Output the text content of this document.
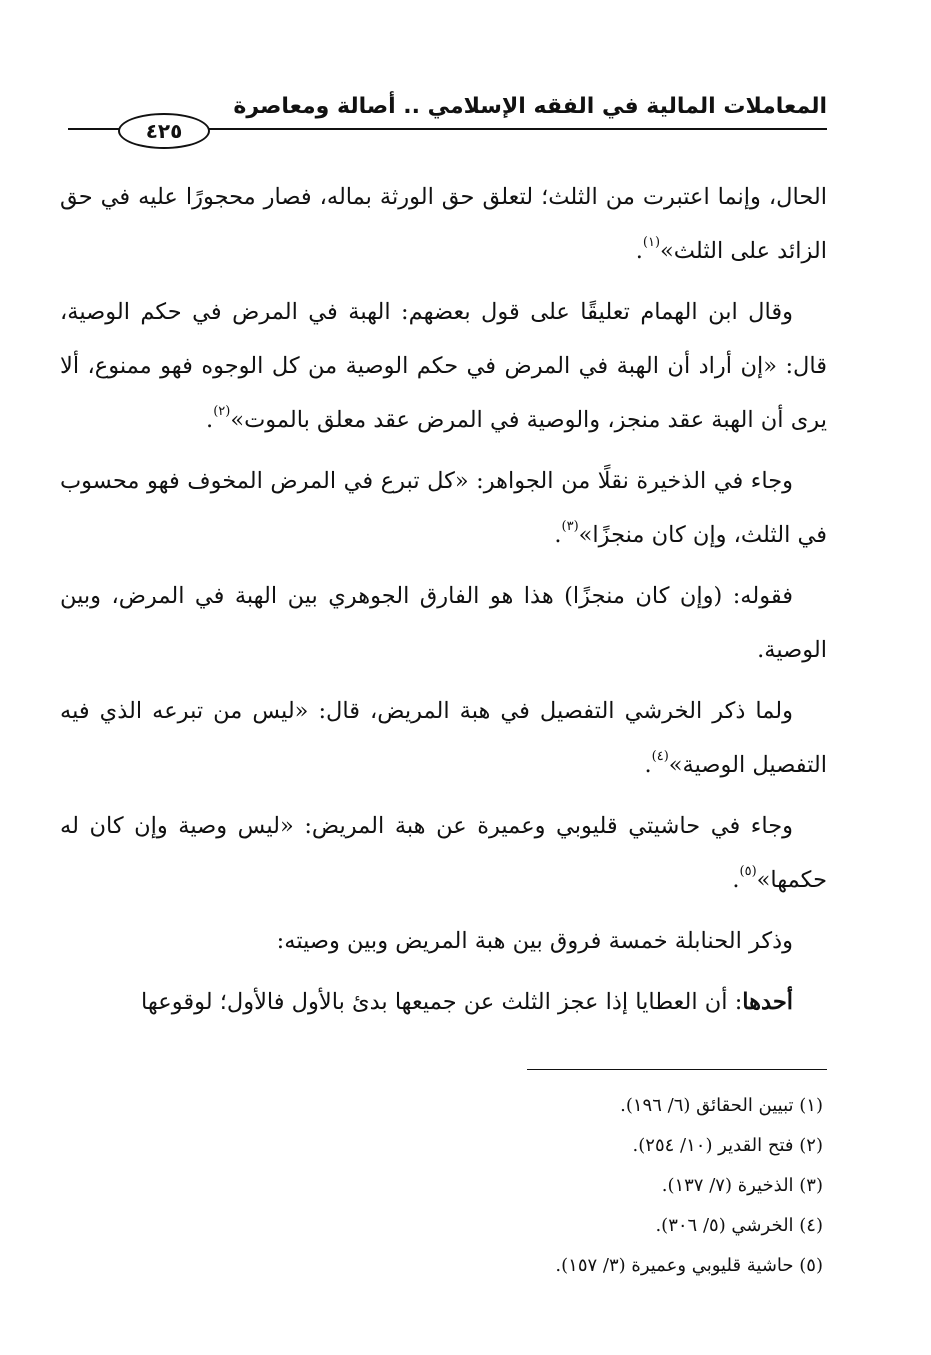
المعاملات المالية في الفقه الإسلامي .. أصالة ومعاصرة
٤٢٥

الحال، وإنما اعتبرت من الثلث؛ لتعلق حق الورثة بماله، فصار محجورًا عليه في حق الزائد على الثلث»$^{(١)}$.

وقال ابن الهمام تعليقًا على قول بعضهم: الهبة في المرض في حكم الوصية، قال: «إن أراد أن الهبة في المرض في حكم الوصية من كل الوجوه فهو ممنوع، ألا يرى أن الهبة عقد منجز، والوصية في المرض عقد معلق بالموت»$^{(٢)}$.

وجاء في الذخيرة نقلًا من الجواهر: «كل تبرع في المرض المخوف فهو محسوب في الثلث، وإن كان منجزًا»$^{(٣)}$.

فقوله: (وإن كان منجزًا) هذا هو الفارق الجوهري بين الهبة في المرض، وبين الوصية.

ولما ذكر الخرشي التفصيل في هبة المريض، قال: «ليس من تبرعه الذي فيه التفصيل الوصية»$^{(٤)}$.

وجاء في حاشيتي قليوبي وعميرة عن هبة المريض: «ليس وصية وإن كان له حكمها»$^{(٥)}$.

وذكر الحنابلة خمسة فروق بين هبة المريض وبين وصيته:

أحدها: أن العطايا إذا عجز الثلث عن جميعها بدئ بالأول فالأول؛ لوقوعها

(١) تبيين الحقائق (٦/ ١٩٦).
(٢) فتح القدير (١٠/ ٢٥٤).
(٣) الذخيرة (٧/ ١٣٧).
(٤) الخرشي (٥/ ٣٠٦).
(٥) حاشية قليوبي وعميرة (٣/ ١٥٧).
